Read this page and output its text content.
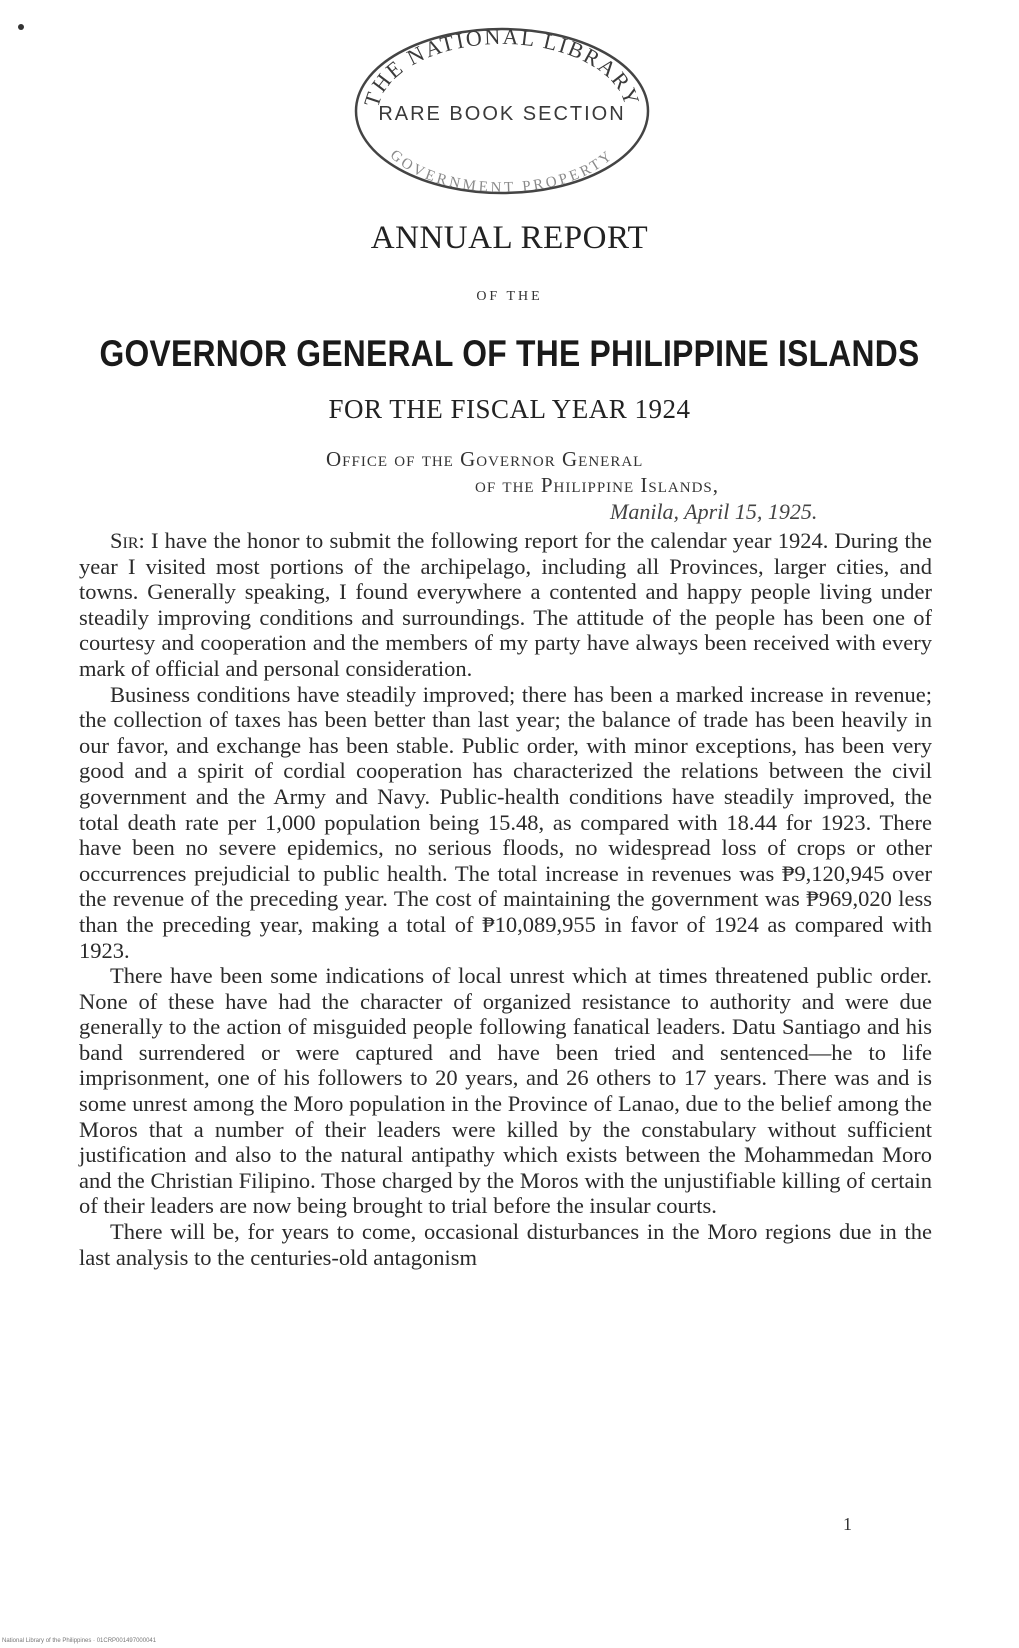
THE NATIONAL LIBRARY
RARE BOOK SECTION
GOVERNMENT PROPERTY
ANNUAL REPORT
OF THE
GOVERNOR GENERAL OF THE PHILIPPINE ISLANDS
FOR THE FISCAL YEAR 1924
Office of the Governor General
of the Philippine Islands,
Manila, April 15, 1925.

Sir: I have the honor to submit the following report for the calendar year 1924. During the year I visited most portions of the archipelago, including all Provinces, larger cities, and towns. Generally speaking, I found everywhere a contented and happy people living under steadily improving conditions and surroundings. The attitude of the people has been one of courtesy and cooperation and the members of my party have always been received with every mark of official and personal consideration.

Business conditions have steadily improved; there has been a marked increase in revenue; the collection of taxes has been better than last year; the balance of trade has been heavily in our favor, and exchange has been stable. Public order, with minor exceptions, has been very good and a spirit of cordial cooperation has characterized the relations between the civil government and the Army and Navy. Public-health conditions have steadily improved, the total death rate per 1,000 population being 15.48, as compared with 18.44 for 1923. There have been no severe epidemics, no serious floods, no widespread loss of crops or other occurrences prejudicial to public health. The total increase in revenues was ₱9,120,945 over the revenue of the preceding year. The cost of maintaining the government was ₱969,020 less than the preceding year, making a total of ₱10,089,955 in favor of 1924 as compared with 1923.

There have been some indications of local unrest which at times threatened public order. None of these have had the character of organized resistance to authority and were due generally to the action of misguided people following fanatical leaders. Datu Santiago and his band surrendered or were captured and have been tried and sentenced—he to life imprisonment, one of his followers to 20 years, and 26 others to 17 years. There was and is some unrest among the Moro population in the Province of Lanao, due to the belief among the Moros that a number of their leaders were killed by the constabulary without sufficient justification and also to the natural antipathy which exists between the Mohammedan Moro and the Christian Filipino. Those charged by the Moros with the unjustifiable killing of certain of their leaders are now being brought to trial before the insular courts.

There will be, for years to come, occasional disturbances in the Moro regions due in the last analysis to the centuries-old antagonism

1
National Library of the Philippines · 01CRP001497000041
